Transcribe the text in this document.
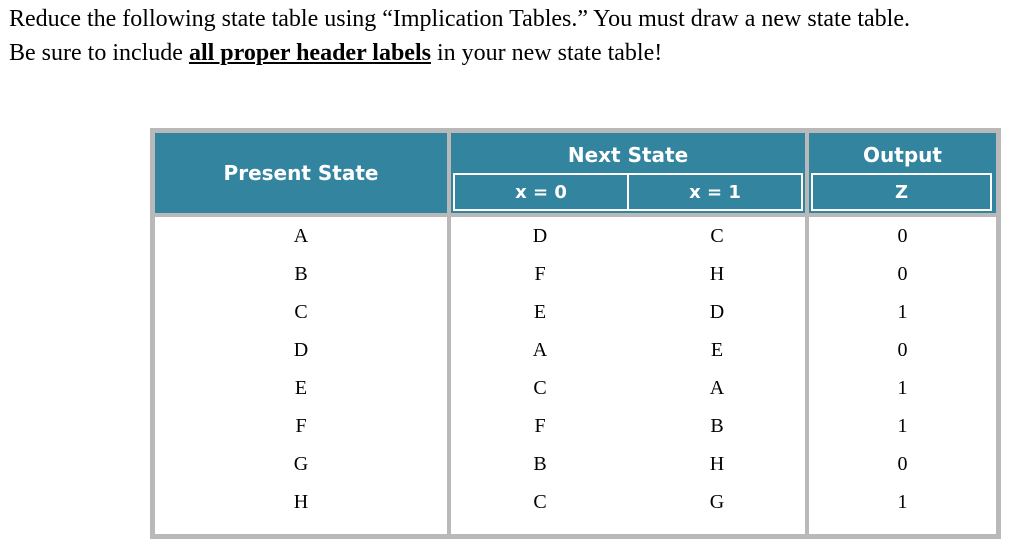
Reduce the following state table using “Implication Tables.” You must draw a new state table.
Be sure to include all proper header labels in your new state table!
Present State
Next State
x = 0	x = 1
Output
Z
A
B
C
D
E
F
G
H
D
F
E
A
C
F
B
C
C
H
D
E
A
B
H
G
0
0
1
0
1
1
0
1
